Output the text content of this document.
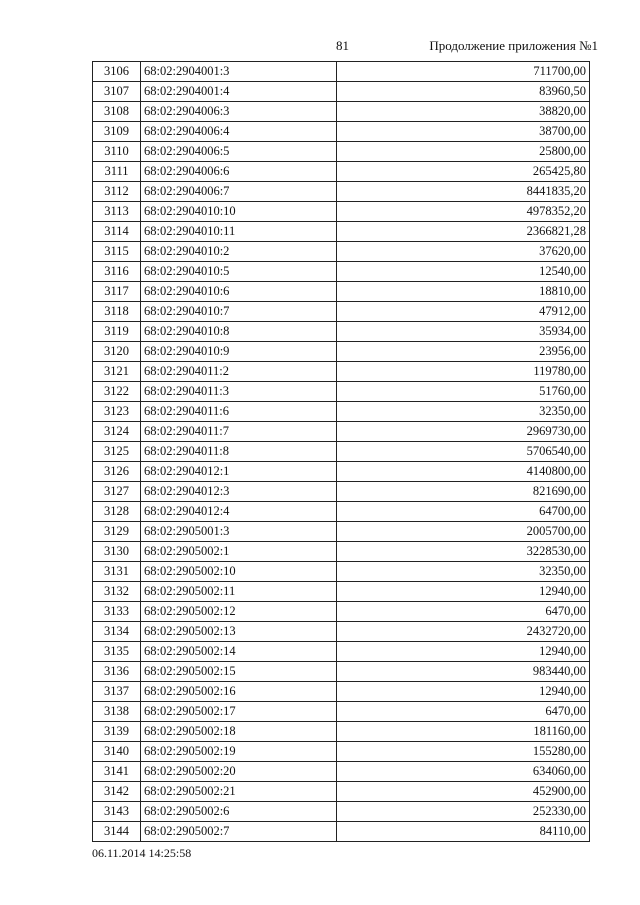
81	Продолжение приложения №1
3106	68:02:2904001:3	711700,00
3107	68:02:2904001:4	83960,50
3108	68:02:2904006:3	38820,00
3109	68:02:2904006:4	38700,00
3110	68:02:2904006:5	25800,00
3111	68:02:2904006:6	265425,80
3112	68:02:2904006:7	8441835,20
3113	68:02:2904010:10	4978352,20
3114	68:02:2904010:11	2366821,28
3115	68:02:2904010:2	37620,00
3116	68:02:2904010:5	12540,00
3117	68:02:2904010:6	18810,00
3118	68:02:2904010:7	47912,00
3119	68:02:2904010:8	35934,00
3120	68:02:2904010:9	23956,00
3121	68:02:2904011:2	119780,00
3122	68:02:2904011:3	51760,00
3123	68:02:2904011:6	32350,00
3124	68:02:2904011:7	2969730,00
3125	68:02:2904011:8	5706540,00
3126	68:02:2904012:1	4140800,00
3127	68:02:2904012:3	821690,00
3128	68:02:2904012:4	64700,00
3129	68:02:2905001:3	2005700,00
3130	68:02:2905002:1	3228530,00
3131	68:02:2905002:10	32350,00
3132	68:02:2905002:11	12940,00
3133	68:02:2905002:12	6470,00
3134	68:02:2905002:13	2432720,00
3135	68:02:2905002:14	12940,00
3136	68:02:2905002:15	983440,00
3137	68:02:2905002:16	12940,00
3138	68:02:2905002:17	6470,00
3139	68:02:2905002:18	181160,00
3140	68:02:2905002:19	155280,00
3141	68:02:2905002:20	634060,00
3142	68:02:2905002:21	452900,00
3143	68:02:2905002:6	252330,00
3144	68:02:2905002:7	84110,00
06.11.2014 14:25:58
